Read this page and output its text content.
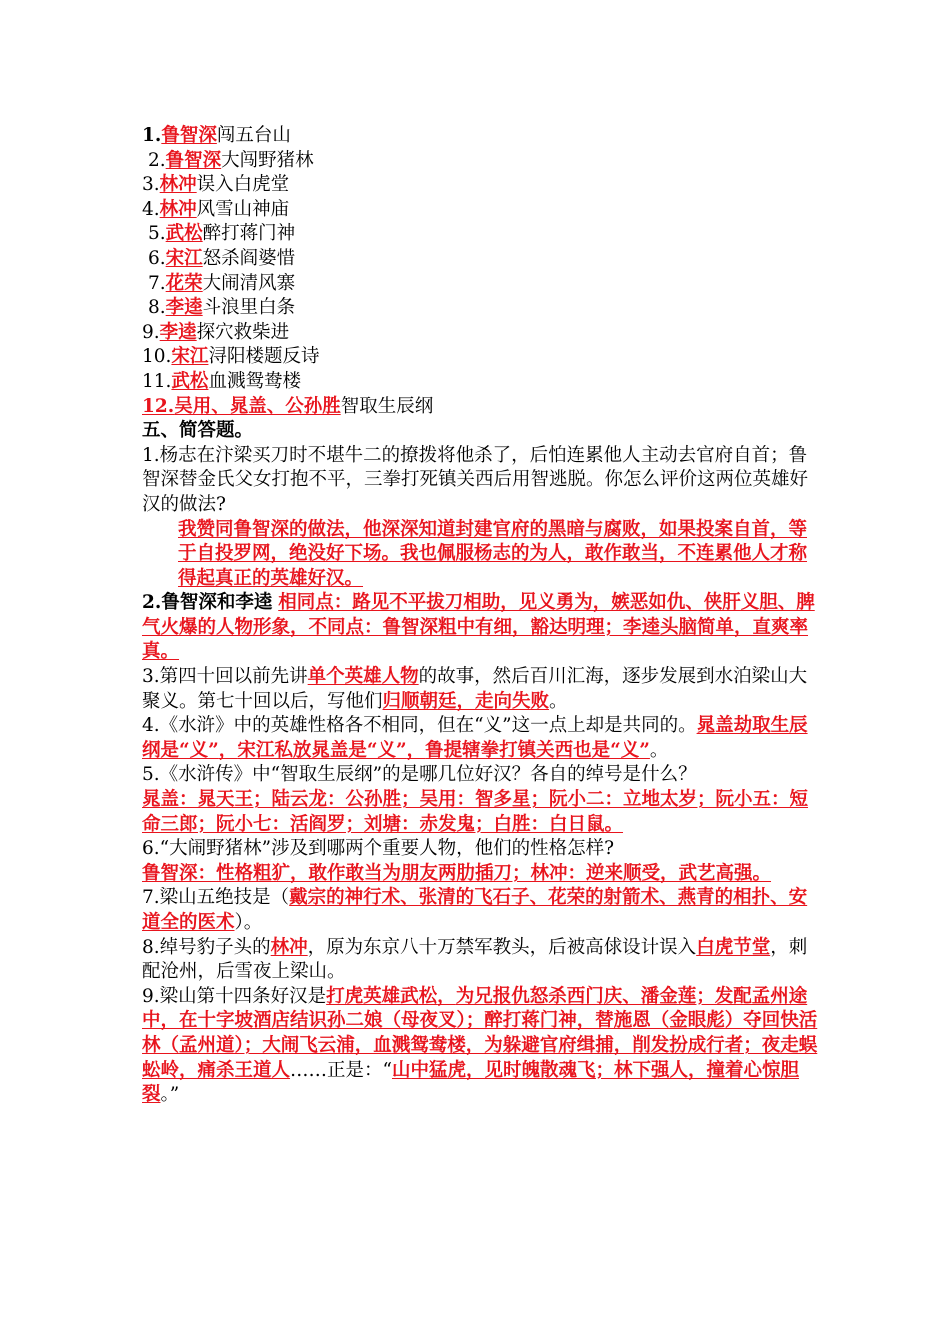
1.鲁智深闯五台山

2.鲁智深大闯野猪林

3.林冲误入白虎堂

4.林冲风雪山神庙

5.武松醉打蒋门神

6.宋江怒杀阎婆惜

7.花荣大闹清风寨

8.李逵斗浪里白条

9.李逵探穴救柴进

10.宋江浔阳楼题反诗

11.武松血溅鸳鸯楼

12.吴用、晁盖、公孙胜智取生辰纲

五、简答题。

1.杨志在汴梁买刀时不堪牛二的撩拨将他杀了，后怕连累他人主动去官府自首；鲁智深替金氏父女打抱不平，三拳打死镇关西后用智逃脱。你怎么评价这两位英雄好汉的做法?

我赞同鲁智深的做法，他深深知道封建官府的黑暗与腐败，如果投案自首，等于自投罗网，绝没好下场。我也佩服杨志的为人，敢作敢当，不连累他人才称得起真正的英雄好汉。

2.鲁智深和李逵 相同点：路见不平拔刀相助，见义勇为，嫉恶如仇、侠肝义胆、脾气火爆的人物形象，不同点：鲁智深粗中有细，豁达明理；李逵头脑简单，直爽率真。

3.第四十回以前先讲单个英雄人物的故事，然后百川汇海，逐步发展到水泊梁山大聚义。第七十回以后，写他们归顺朝廷，走向失败。

4.《水浒》中的英雄性格各不相同，但在“义”这一点上却是共同的。晁盖劫取生辰纲是“义”，宋江私放晁盖是“义”，鲁提辖拳打镇关西也是“义”。

5.《水浒传》中“智取生辰纲”的是哪几位好汉？各自的绰号是什么？

晁盖：晁天王；陆云龙：公孙胜；吴用：智多星；阮小二：立地太岁；阮小五：短命三郎；阮小七：活阎罗；刘塘：赤发鬼；白胜：白日鼠。

6.“大闹野猪林”涉及到哪两个重要人物，他们的性格怎样?

鲁智深：性格粗犷，敢作敢当为朋友两肋插刀；林冲：逆来顺受，武艺高强。

7.梁山五绝技是（戴宗的神行术、张清的飞石子、花荣的射箭术、燕青的相扑、安道全的医术）。

8.绰号豹子头的林冲，原为东京八十万禁军教头，后被高俅设计误入白虎节堂，刺配沧州，后雪夜上梁山。

9.梁山第十四条好汉是打虎英雄武松，为兄报仇怒杀西门庆、潘金莲；发配孟州途中，在十字坡酒店结识孙二娘（母夜叉）；醉打蒋门神，替施恩（金眼彪）夺回快活林（孟州道）；大闹飞云浦，血溅鸳鸯楼，为躲避官府缉捕，削发扮成行者；夜走蜈蚣岭，痛杀王道人……正是：“山中猛虎，见时魄散魂飞；林下强人，撞着心惊胆裂。”
